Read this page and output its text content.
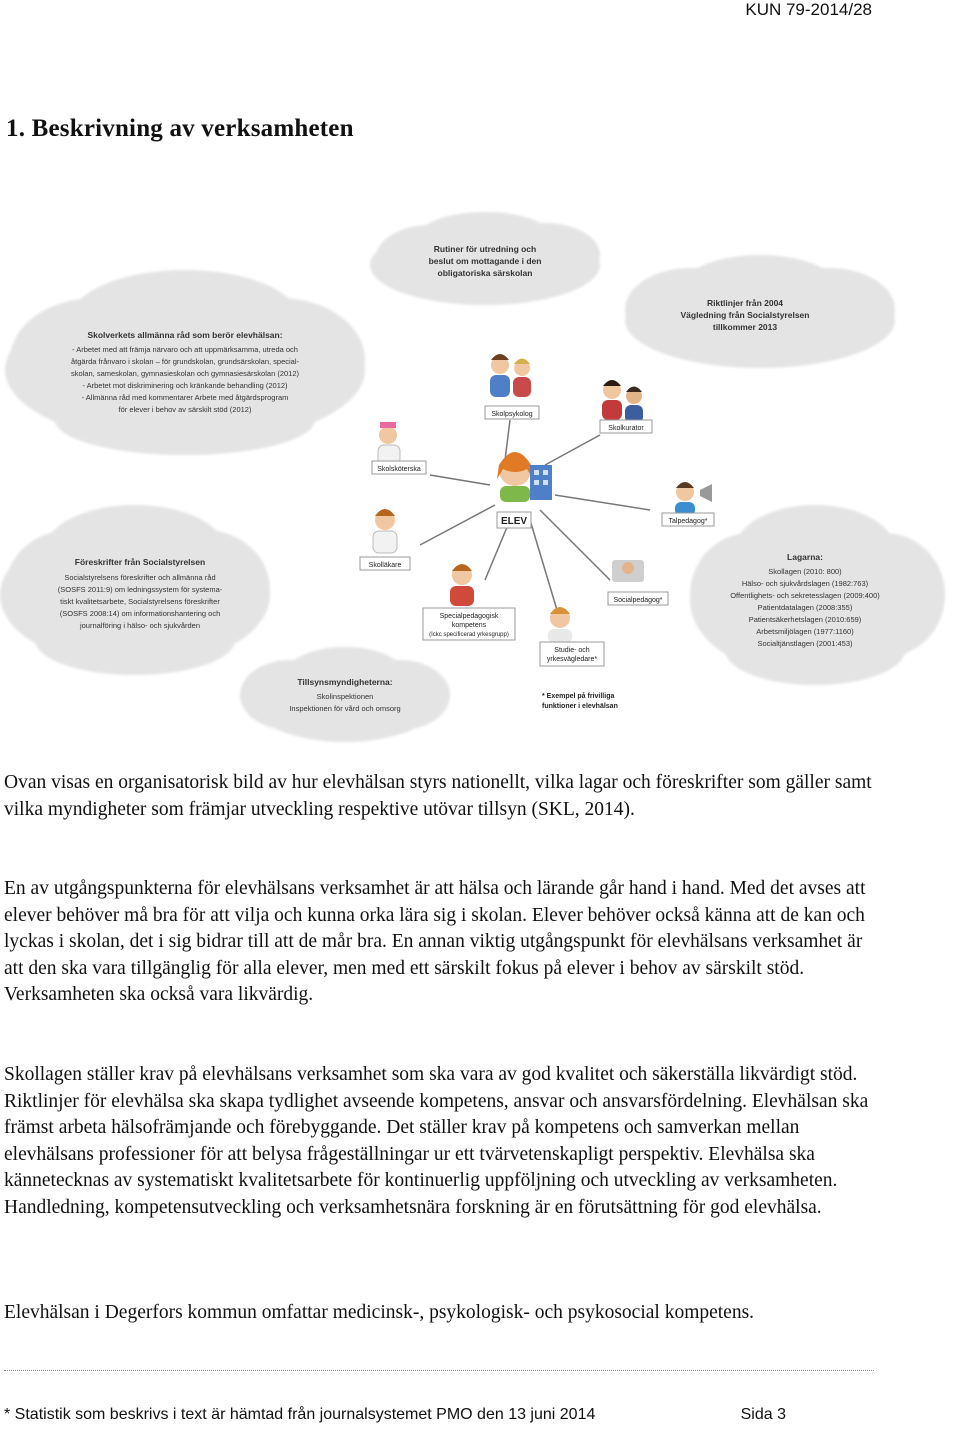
KUN 79-2014/28
1. Beskrivning av verksamheten
Rutiner för utredning och
beslut om mottagande i den
obligatoriska särskolan
Riktlinjer från 2004
Vägledning från Socialstyrelsen
tillkommer 2013
Skolverkets allmänna råd som berör elevhälsan:
- Arbetet med att främja närvaro och att uppmärksamma, utreda och
åtgärda frånvaro i skolan – för grundskolan, grundsärskolan, special-
skolan, sameskolan, gymnasieskolan och gymnasiesärskolan (2012)
- Arbetet mot diskriminering och kränkande behandling (2012)
- Allmänna råd med kommentarer Arbete med åtgärdsprogram
för elever i behov av särskilt stöd (2012)
Föreskrifter från Socialstyrelsen
Socialstyrelsens föreskrifter och allmänna råd
(SOSFS 2011:9) om ledningssystem för systema-
tiskt kvalitetsarbete, Socialstyrelsens föreskrifter
(SOSFS 2008:14) om informationshantering och
journalföring i hälso- och sjukvården
Lagarna:
Skollagen (2010: 800)
Hälso- och sjukvårdslagen (1982:763)
Offentlighets- och sekretesslagen (2009:400)
Patientdatalagen (2008:355)
Patientsäkerhetslagen (2010:659)
Arbetsmiljölagen (1977:1160)
Socialtjänstlagen (2001:453)
Tillsynsmyndigheterna:
Skolinspektionen
Inspektionen för vård och omsorg
Skolpsykolog
Skolkurator
Skolsköterska
ELEV	Talpedagog*
Skolläkare
Socialpedagog*
Specialpedagogisk
kompetens
(Ickc specificerad yrkesgrupp)
Studie- och
yrkesvägledare*
* Exempel på frivilliga
funktioner i elevhälsan

Ovan visas en organisatorisk bild av hur elevhälsan styrs nationellt, vilka lagar och föreskrifter som gäller samt vilka myndigheter som främjar utveckling respektive utövar tillsyn (SKL, 2014).

En av utgångspunkterna för elevhälsans verksamhet är att hälsa och lärande går hand i hand. Med det avses att elever behöver må bra för att vilja och kunna orka lära sig i skolan. Elever behöver också känna att de kan och lyckas i skolan, det i sig bidrar till att de mår bra. En annan viktig utgångspunkt för elevhälsans verksamhet är att den ska vara tillgänglig för alla elever, men med ett särskilt fokus på elever i behov av särskilt stöd. Verksamheten ska också vara likvärdig.

Skollagen ställer krav på elevhälsans verksamhet som ska vara av god kvalitet och säkerställa likvärdigt stöd. Riktlinjer för elevhälsa ska skapa tydlighet avseende kompetens, ansvar och ansvarsfördelning. Elevhälsan ska främst arbeta hälsofrämjande och förebyggande. Det ställer krav på kompetens och samverkan mellan elevhälsans professioner för att belysa frågeställningar ur ett tvärvetenskapligt perspektiv. Elevhälsa ska kännetecknas av systematiskt kvalitetsarbete för kontinuerlig uppföljning och utveckling av verksamheten. Handledning, kompetensutveckling och verksamhetsnära forskning är en förutsättning för god elevhälsa.

Elevhälsan i Degerfors kommun omfattar medicinsk-, psykologisk- och psykosocial kompetens.

* Statistik som beskrivs i text är hämtad från journalsystemet PMO den 13 juni 2014	Sida 3
